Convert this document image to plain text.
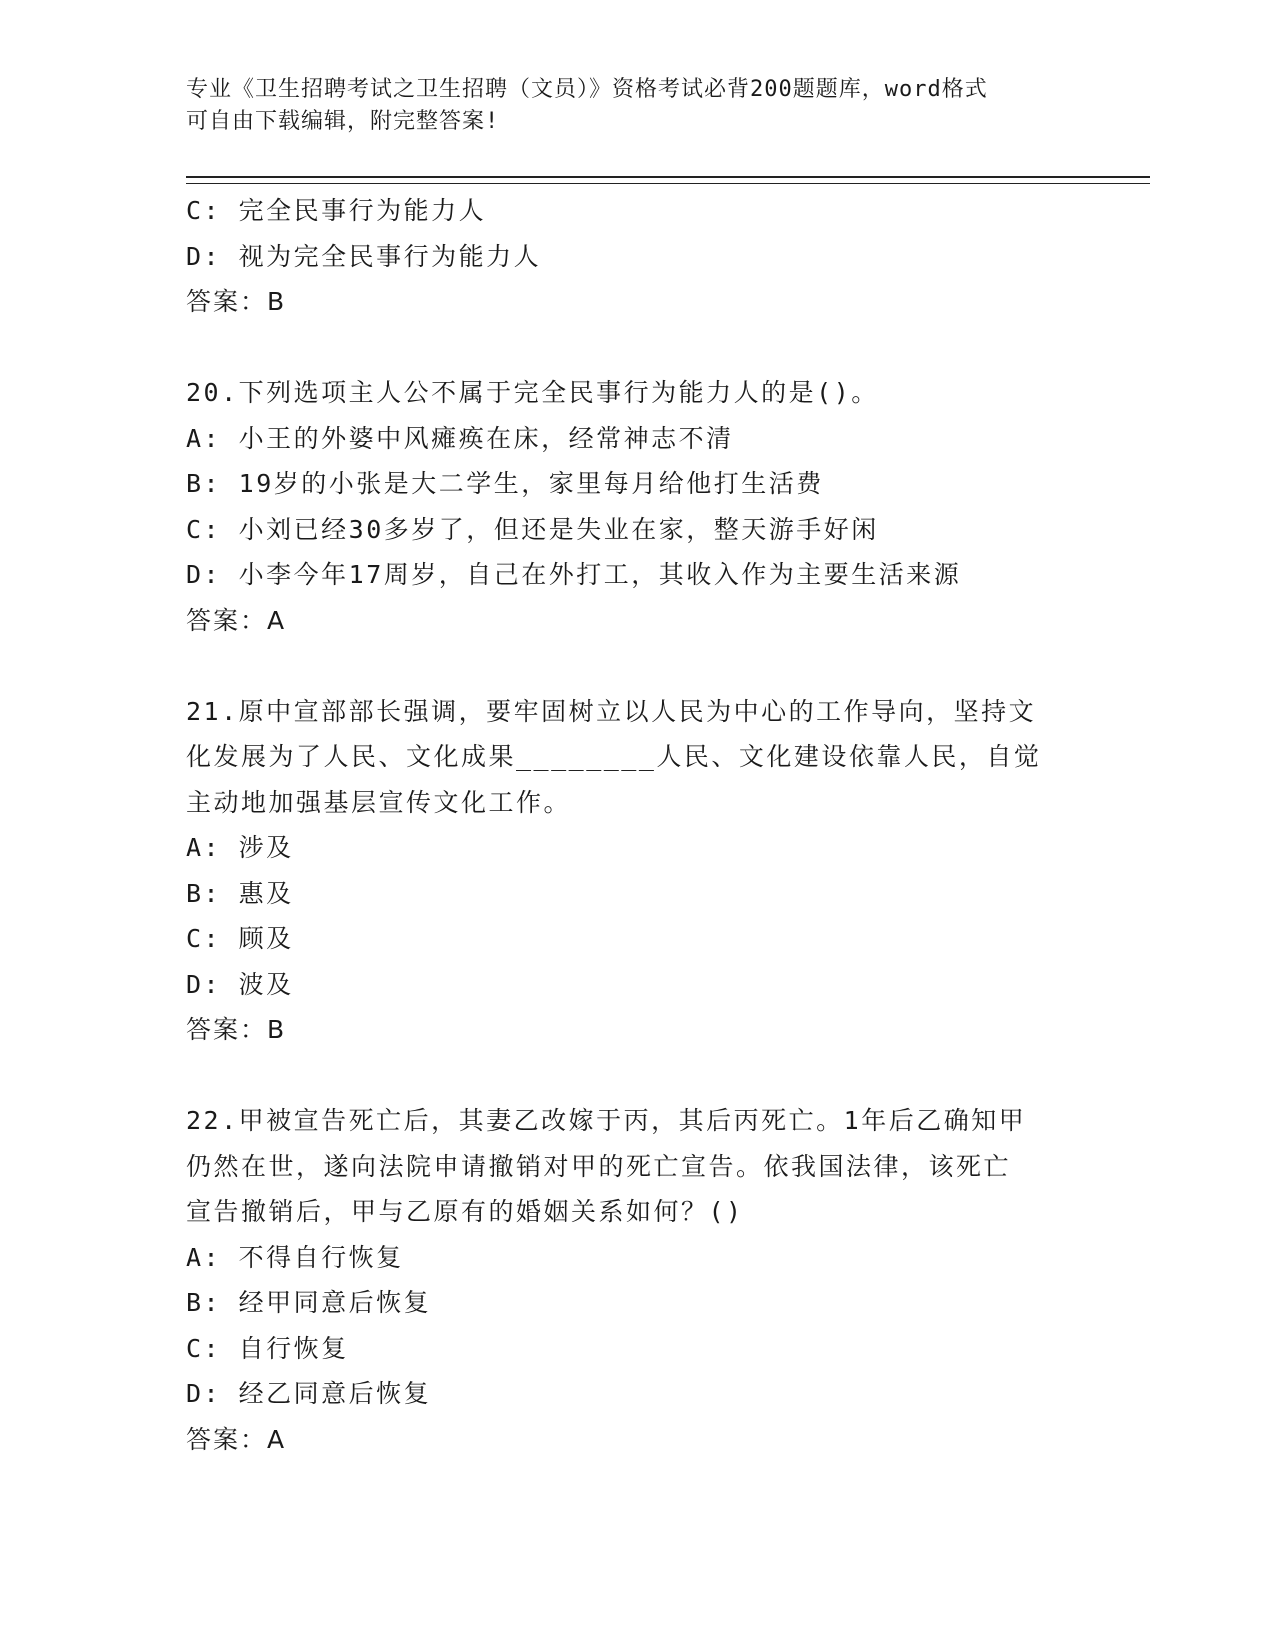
专业《卫生招聘考试之卫生招聘（文员）》资格考试必背200题题库，word格式
可自由下载编辑，附完整答案!
C: 完全民事行为能力人
D: 视为完全民事行为能力人
答案：B
20.下列选项主人公不属于完全民事行为能力人的是()。
A: 小王的外婆中风瘫痪在床，经常神志不清
B: 19岁的小张是大二学生，家里每月给他打生活费
C: 小刘已经30多岁了，但还是失业在家，整天游手好闲
D: 小李今年17周岁，自己在外打工，其收入作为主要生活来源
答案：A
21.原中宣部部长强调，要牢固树立以人民为中心的工作导向，坚持文
化发展为了人民、文化成果________人民、文化建设依靠人民，自觉
主动地加强基层宣传文化工作。
A: 涉及
B: 惠及
C: 顾及
D: 波及
答案：B
22.甲被宣告死亡后，其妻乙改嫁于丙，其后丙死亡。1年后乙确知甲
仍然在世，遂向法院申请撤销对甲的死亡宣告。依我国法律，该死亡
宣告撤销后，甲与乙原有的婚姻关系如何？()
A: 不得自行恢复
B: 经甲同意后恢复
C: 自行恢复
D: 经乙同意后恢复
答案：A
